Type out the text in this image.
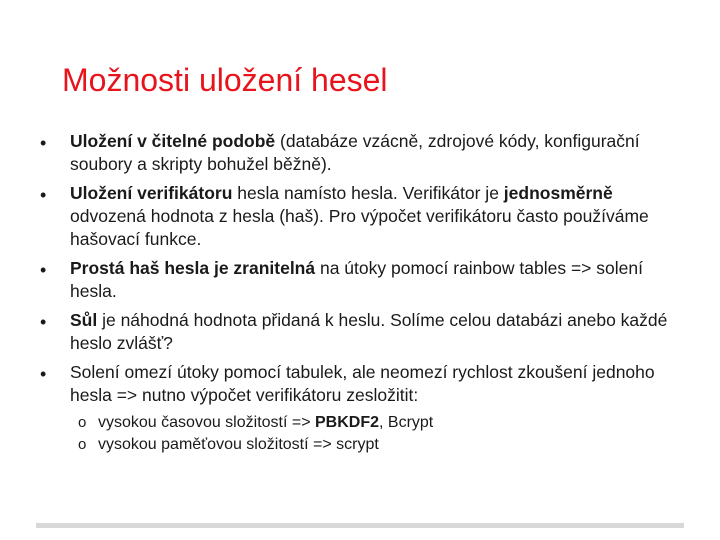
Možnosti uložení hesel
• Uložení v čitelné podobě (databáze vzácně, zdrojové kódy, konfigurační soubory a skripty bohužel běžně).
• Uložení verifikátoru hesla namísto hesla. Verifikátor je jednosměrně odvozená hodnota z hesla (haš). Pro výpočet verifikátoru často používáme hašovací funkce.
• Prostá haš hesla je zranitelná na útoky pomocí rainbow tables => solení hesla.
• Sůl je náhodná hodnota přidaná k heslu. Solíme celou databázi anebo každé heslo zvlášť?
• Solení omezí útoky pomocí tabulek, ale neomezí rychlost zkoušení jednoho hesla => nutno výpočet verifikátoru zesložitit:
o vysokou časovou složitostí => PBKDF2, Bcrypt
o vysokou paměťovou složitostí => scrypt
